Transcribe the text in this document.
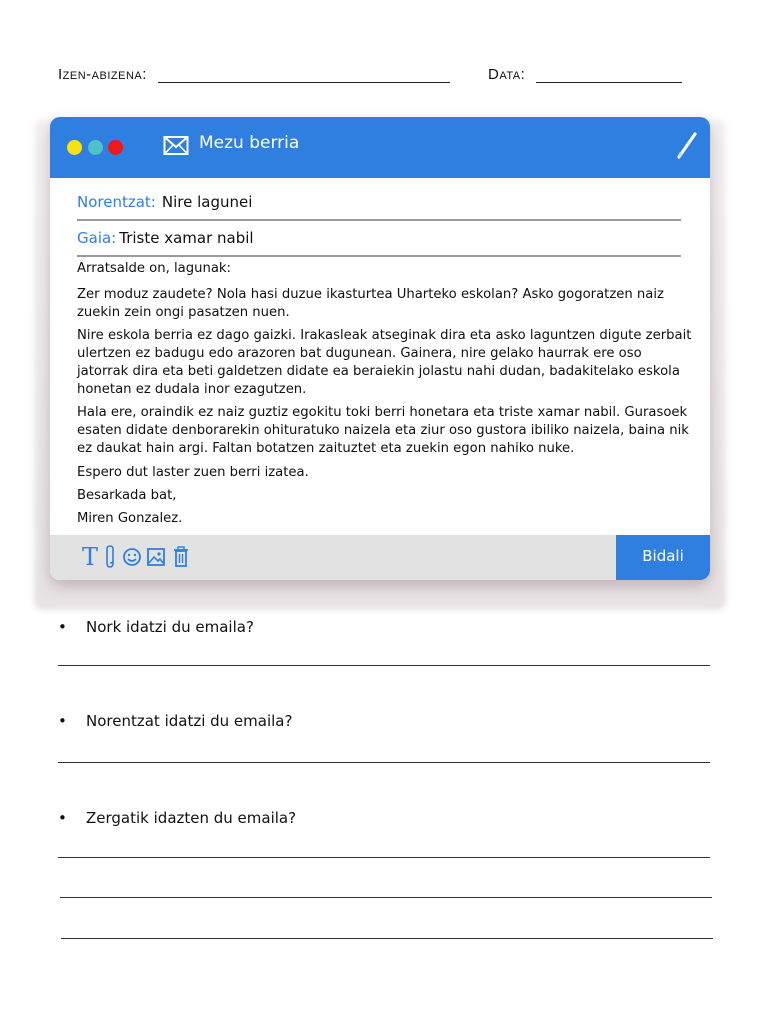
Izen-abizena:	Data:
Mezu berria
Norentzat: Nire lagunei
Gaia: Triste xamar nabil

Arratsalde on, lagunak:

Zer moduz zaudete? Nola hasi duzue ikasturtea Uharteko eskolan? Asko gogoratzen naiz zuekin zein ongi pasatzen nuen.

Nire eskola berria ez dago gaizki. Irakasleak atseginak dira eta asko laguntzen digute zerbait ulertzen ez badugu edo arazoren bat dugunean. Gainera, nire gelako haurrak ere oso jatorrak dira eta beti galdetzen didate ea beraiekin jolastu nahi dudan, badakitelako eskola honetan ez dudala inor ezagutzen.

Hala ere, oraindik ez naiz guztiz egokitu toki berri honetara eta triste xamar nabil. Gurasoek esaten didate denborarekin ohituratuko naizela eta ziur oso gustora ibiliko naizela, baina nik ez daukat hain argi. Faltan botatzen zaituztet eta zuekin egon nahiko nuke.

Espero dut laster zuen berri izatea.

Besarkada bat,

Miren Gonzalez.

T	Bidali
• Nork idatzi du emaila?
• Norentzat idatzi du emaila?
• Zergatik idazten du emaila?
